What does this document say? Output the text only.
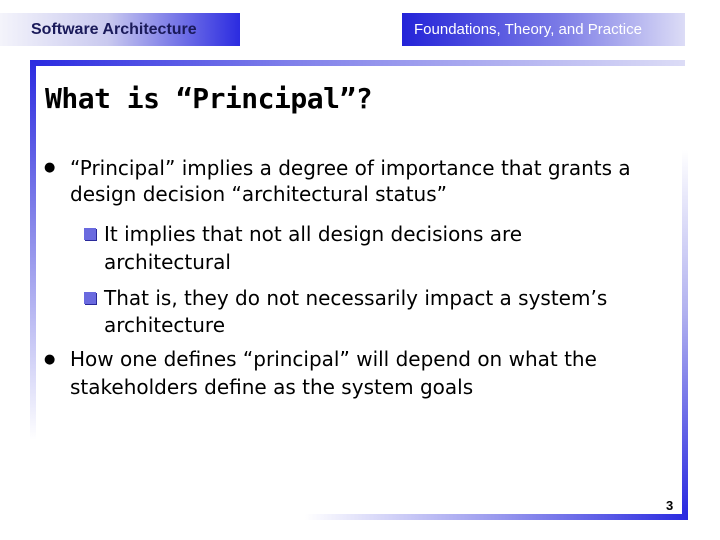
Software Architecture	Foundations, Theory, and Practice
What is “Principal”?
● “Principal” implies a degree of importance that grants a
design decision “architectural status”
It implies that not all design decisions are
architectural
That is, they do not necessarily impact a system’s
architecture
● How one defines “principal” will depend on what the
stakeholders define as the system goals
3
